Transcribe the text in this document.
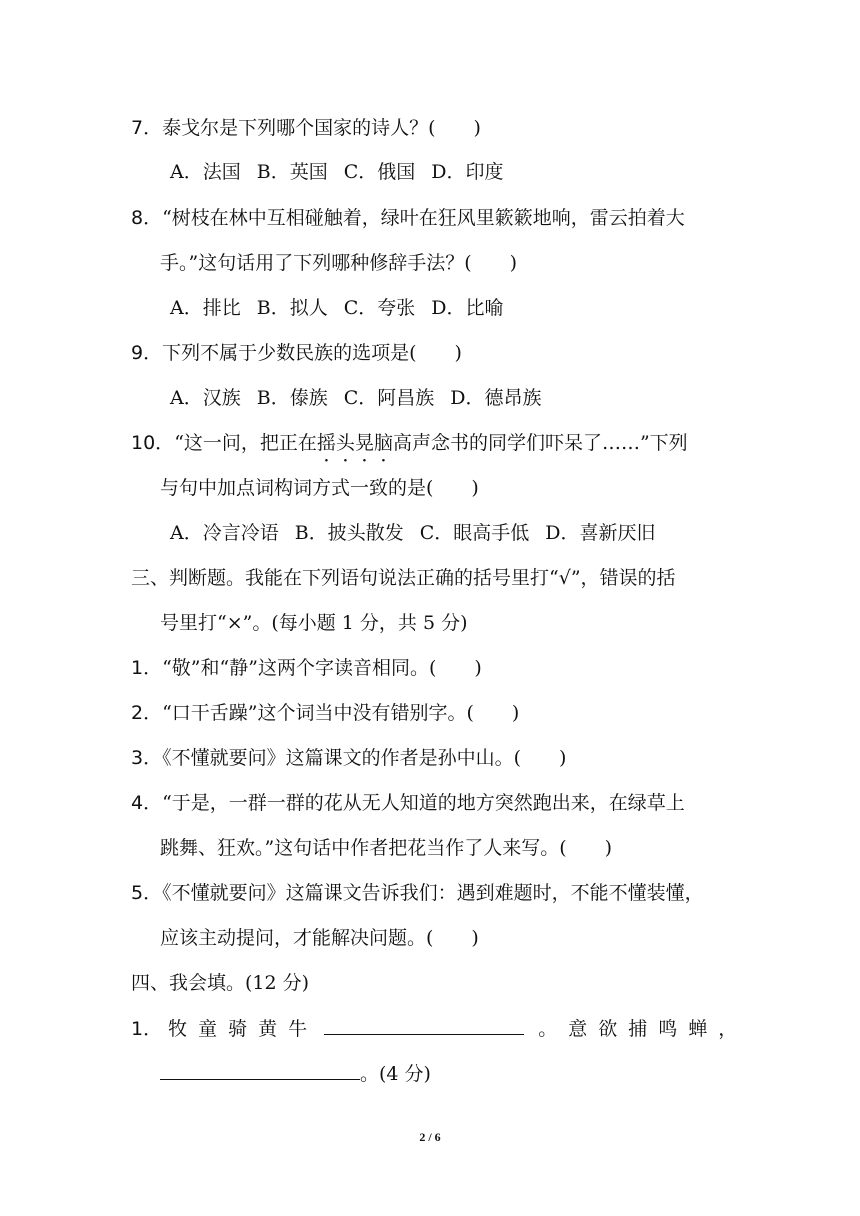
7．泰戈尔是下列哪个国家的诗人？(　　)
A．法国 B．英国 C．俄国 D．印度
8．“树枝在林中互相碰触着，绿叶在狂风里簌簌地响，雷云拍着大
手。”这句话用了下列哪种修辞手法？(　　)
A．排比 B．拟人 C．夸张 D．比喻
9．下列不属于少数民族的选项是(　　)
A．汉族 B．傣族 C．阿昌族 D．德昂族
10．“这一问，把正在摇头晃脑高声念书的同学们吓呆了……”下列
与句中加点词构词方式一致的是(　　)
A．冷言冷语 B．披头散发 C．眼高手低 D．喜新厌旧
三、判断题。我能在下列语句说法正确的括号里打“√”，错误的括
号里打“×”。(每小题 1 分，共 5 分)
1．“敬”和“静”这两个字读音相同。(　　)
2．“口干舌躁”这个词当中没有错别字。(　　)
3．《不懂就要问》这篇课文的作者是孙中山。(　　)
4．“于是，一群一群的花从无人知道的地方突然跑出来，在绿草上
跳舞、狂欢。”这句话中作者把花当作了人来写。(　　)
5．《不懂就要问》这篇课文告诉我们：遇到难题时，不能不懂装懂，
应该主动提问，才能解决问题。(　　)
四、我会填。(12 分)
1． 牧童骑黄牛	。意欲捕鸣蝉，
。(4 分)
2 / 6
